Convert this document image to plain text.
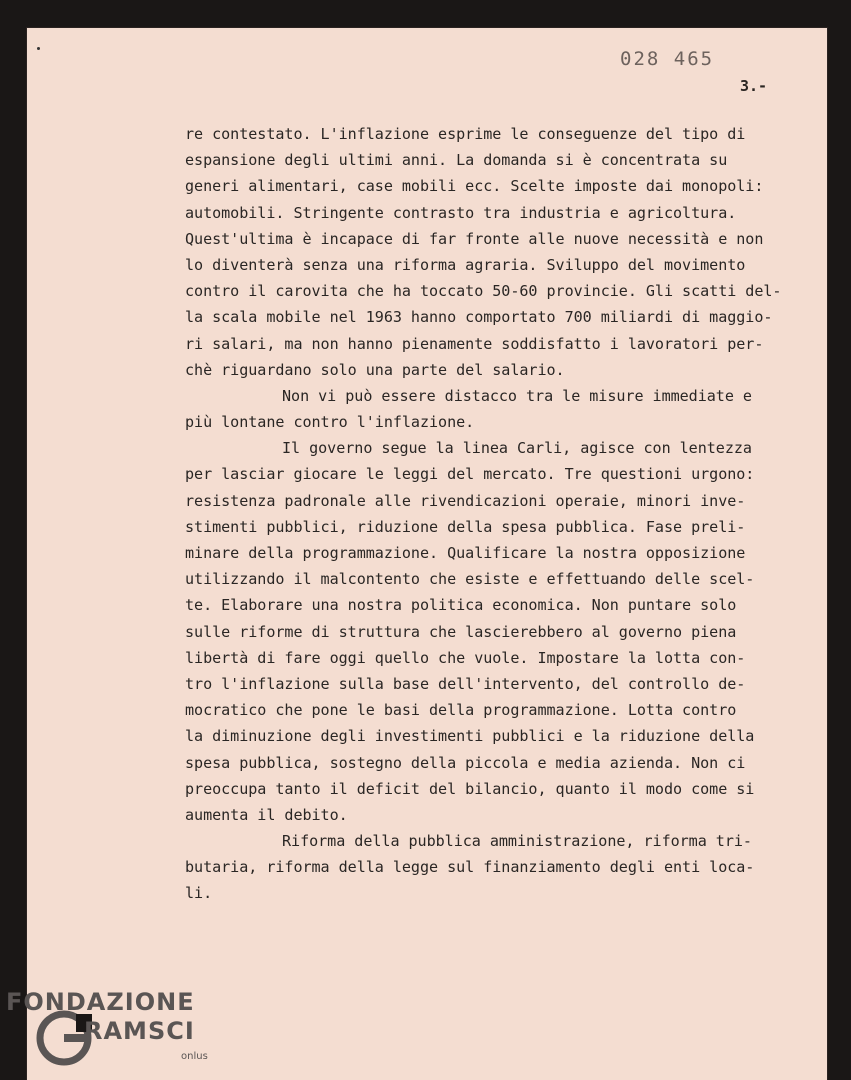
028 465
3.-
re contestato. L'inflazione esprime le conseguenze del tipo di
espansione degli ultimi anni. La domanda si è concentrata su
generi alimentari, case mobili ecc. Scelte imposte dai monopoli:
automobili. Stringente contrasto tra industria e agricoltura.
Quest'ultima è incapace di far fronte alle nuove necessità e non
lo diventerà senza una riforma agraria. Sviluppo del movimento
contro il carovita che ha toccato 50-60 provincie. Gli scatti del-
la scala mobile nel 1963 hanno comportato 700 miliardi di maggio-
ri salari, ma non hanno pienamente soddisfatto i lavoratori per-
chè riguardano solo una parte del salario.
Non vi può essere distacco tra le misure immediate e
più lontane contro l'inflazione.
Il governo segue la linea Carli, agisce con lentezza
per lasciar giocare le leggi del mercato. Tre questioni urgono:
resistenza padronale alle rivendicazioni operaie, minori inve-
stimenti pubblici, riduzione della spesa pubblica. Fase preli-
minare della programmazione. Qualificare la nostra opposizione
utilizzando il malcontento che esiste e effettuando delle scel-
te. Elaborare una nostra politica economica. Non puntare solo
sulle riforme di struttura che lascierebbero al governo piena
libertà di fare oggi quello che vuole. Impostare la lotta con-
tro l'inflazione sulla base dell'intervento, del controllo de-
mocratico che pone le basi della programmazione. Lotta contro
la diminuzione degli investimenti pubblici e la riduzione della
spesa pubblica, sostegno della piccola e media azienda. Non ci
preoccupa tanto il deficit del bilancio, quanto il modo come si
aumenta il debito.
Riforma della pubblica amministrazione, riforma tri-
butaria, riforma della legge sul finanziamento degli enti loca-
li.
FONDAZIONE
RAMSCI
onlus
